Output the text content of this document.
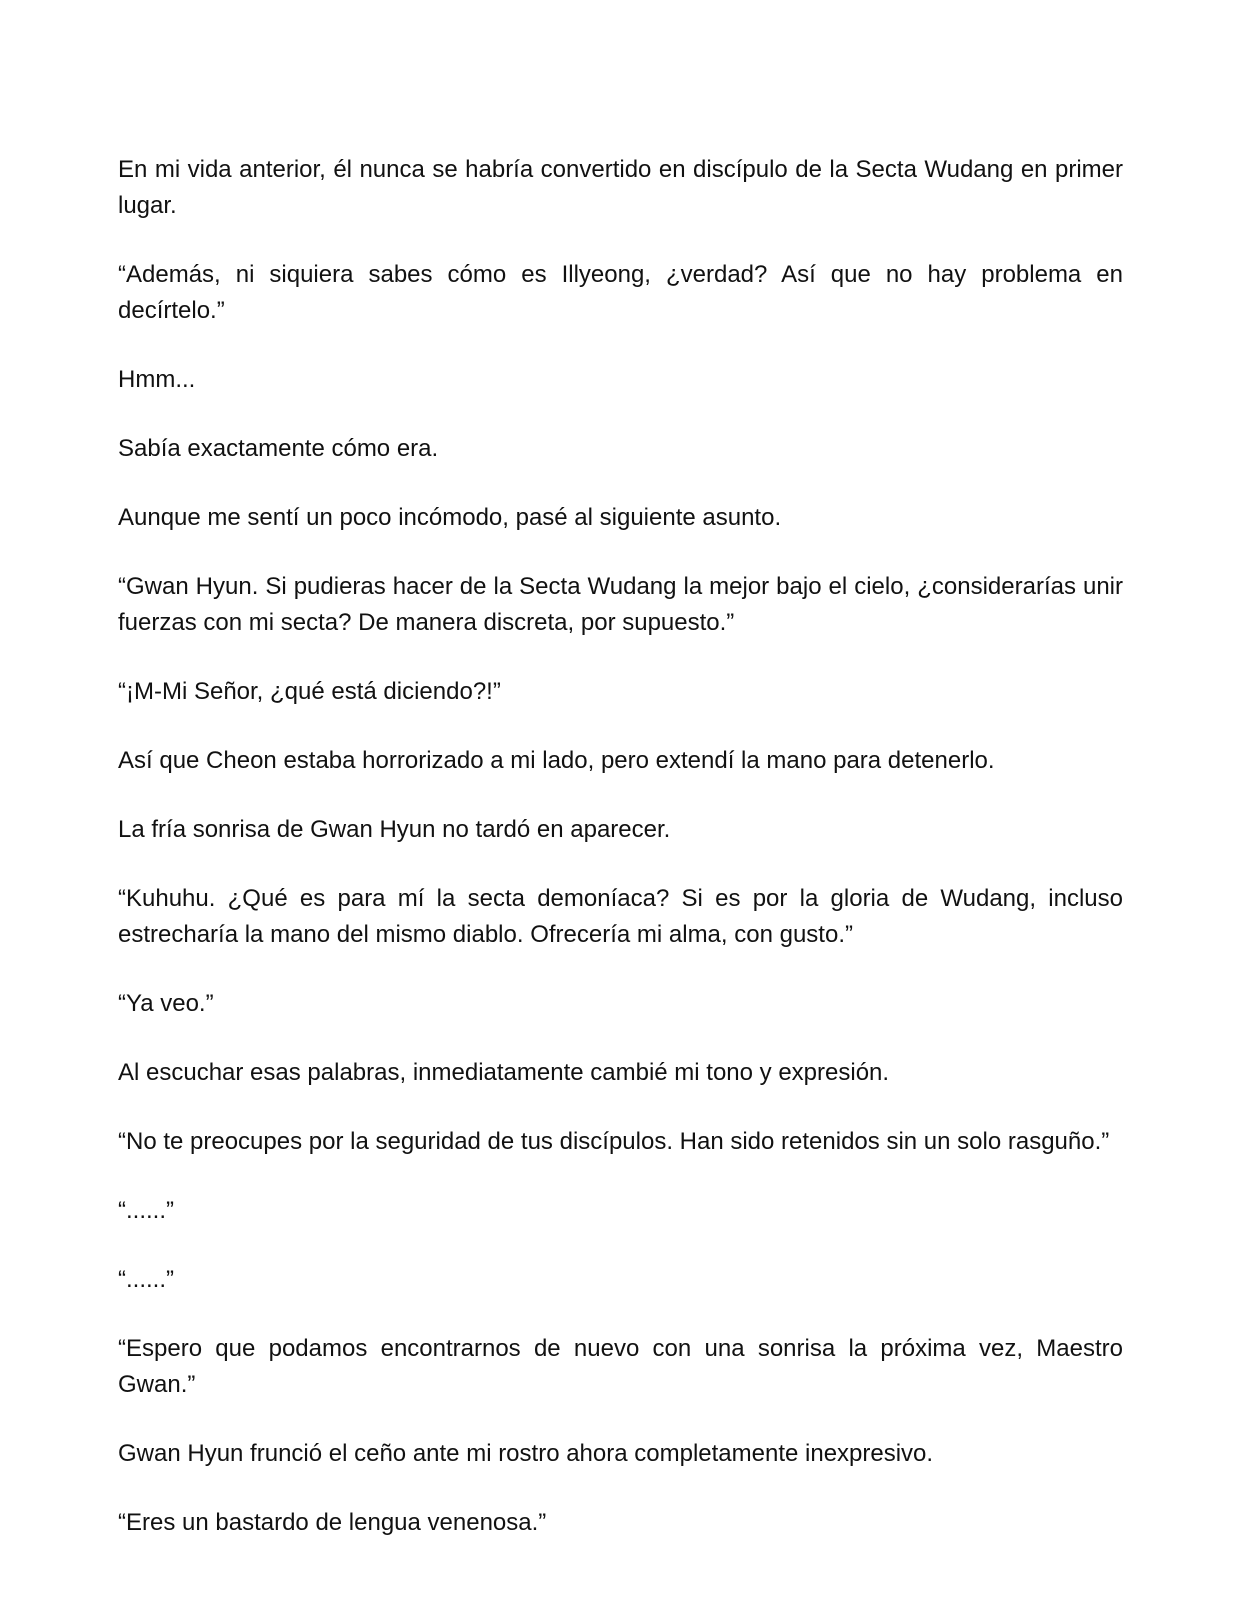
En mi vida anterior, él nunca se habría convertido en discípulo de la Secta Wudang en primer lugar.

“Además, ni siquiera sabes cómo es Illyeong, ¿verdad? Así que no hay problema en decírtelo.”

Hmm...

Sabía exactamente cómo era.

Aunque me sentí un poco incómodo, pasé al siguiente asunto.

“Gwan Hyun. Si pudieras hacer de la Secta Wudang la mejor bajo el cielo, ¿considerarías unir fuerzas con mi secta? De manera discreta, por supuesto.”

“¡M-Mi Señor, ¿qué está diciendo?!”

Así que Cheon estaba horrorizado a mi lado, pero extendí la mano para detenerlo.

La fría sonrisa de Gwan Hyun no tardó en aparecer.

“Kuhuhu. ¿Qué es para mí la secta demoníaca? Si es por la gloria de Wudang, incluso estrecharía la mano del mismo diablo. Ofrecería mi alma, con gusto.”

“Ya veo.”

Al escuchar esas palabras, inmediatamente cambié mi tono y expresión.

“No te preocupes por la seguridad de tus discípulos. Han sido retenidos sin un solo rasguño.”

“......”

“......”

“Espero que podamos encontrarnos de nuevo con una sonrisa la próxima vez, Maestro Gwan.”

Gwan Hyun frunció el ceño ante mi rostro ahora completamente inexpresivo.

“Eres un bastardo de lengua venenosa.”
